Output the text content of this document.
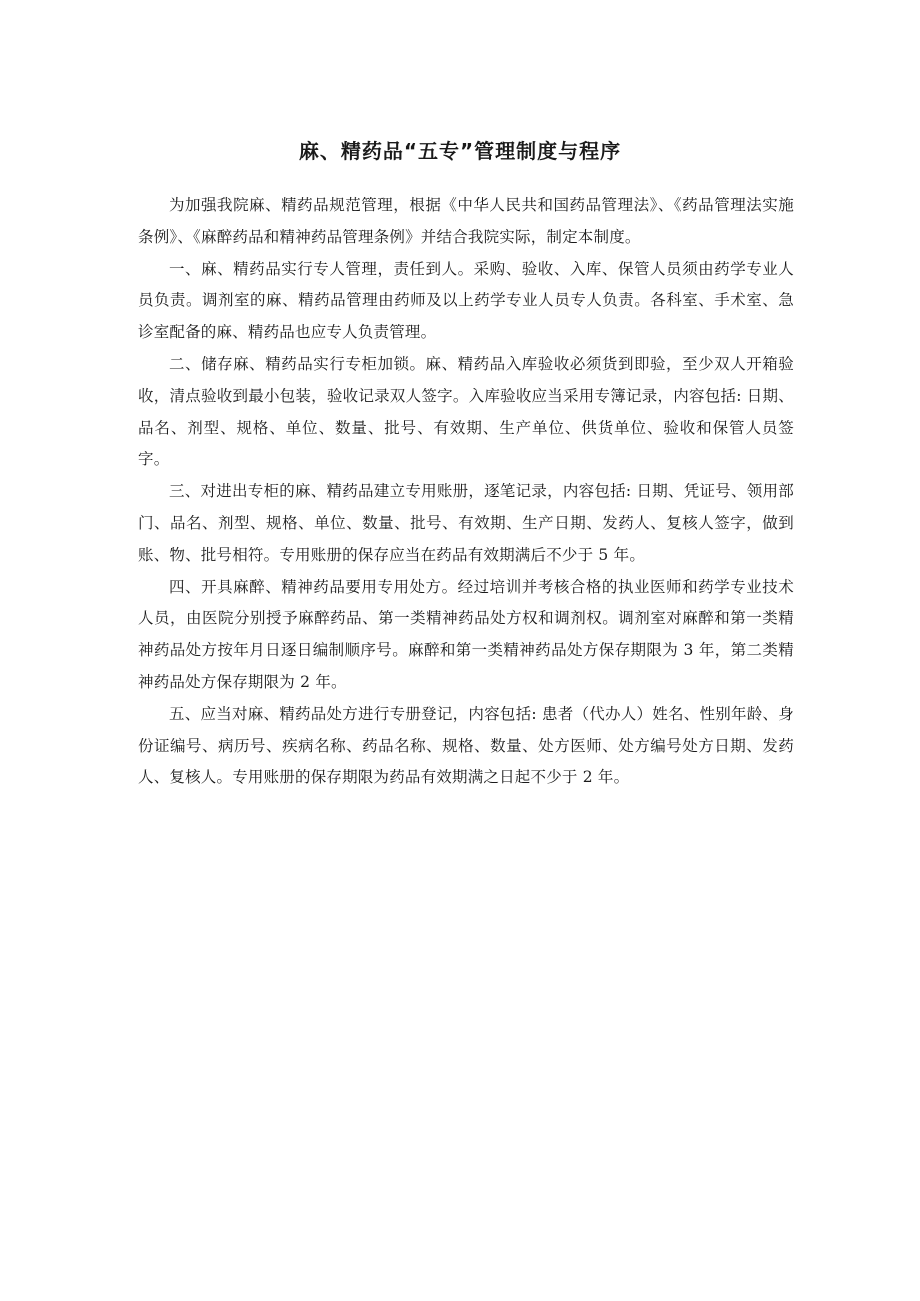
麻、精药品“五专”管理制度与程序

为加强我院麻、精药品规范管理，根据《中华人民共和国药品管理法》、《药品管理法实施条例》、《麻醉药品和精神药品管理条例》并结合我院实际，制定本制度。

一、麻、精药品实行专人管理，责任到人。采购、验收、入库、保管人员须由药学专业人员负责。调剂室的麻、精药品管理由药师及以上药学专业人员专人负责。各科室、手术室、急诊室配备的麻、精药品也应专人负责管理。

二、储存麻、精药品实行专柜加锁。麻、精药品入库验收必须货到即验，至少双人开箱验收，清点验收到最小包装，验收记录双人签字。入库验收应当采用专簿记录，内容包括: 日期、品名、剂型、规格、单位、数量、批号、有效期、生产单位、供货单位、验收和保管人员签字。

三、对进出专柜的麻、精药品建立专用账册，逐笔记录，内容包括: 日期、凭证号、领用部门、品名、剂型、规格、单位、数量、批号、有效期、生产日期、发药人、复核人签字，做到账、物、批号相符。专用账册的保存应当在药品有效期满后不少于 5 年。

四、开具麻醉、精神药品要用专用处方。经过培训并考核合格的执业医师和药学专业技术人员，由医院分别授予麻醉药品、第一类精神药品处方权和调剂权。调剂室对麻醉和第一类精神药品处方按年月日逐日编制顺序号。麻醉和第一类精神药品处方保存期限为 3 年，第二类精神药品处方保存期限为 2 年。

五、应当对麻、精药品处方进行专册登记，内容包括: 患者（代办人）姓名、性别年龄、身份证编号、病历号、疾病名称、药品名称、规格、数量、处方医师、处方编号处方日期、发药人、复核人。专用账册的保存期限为药品有效期满之日起不少于 2 年。
